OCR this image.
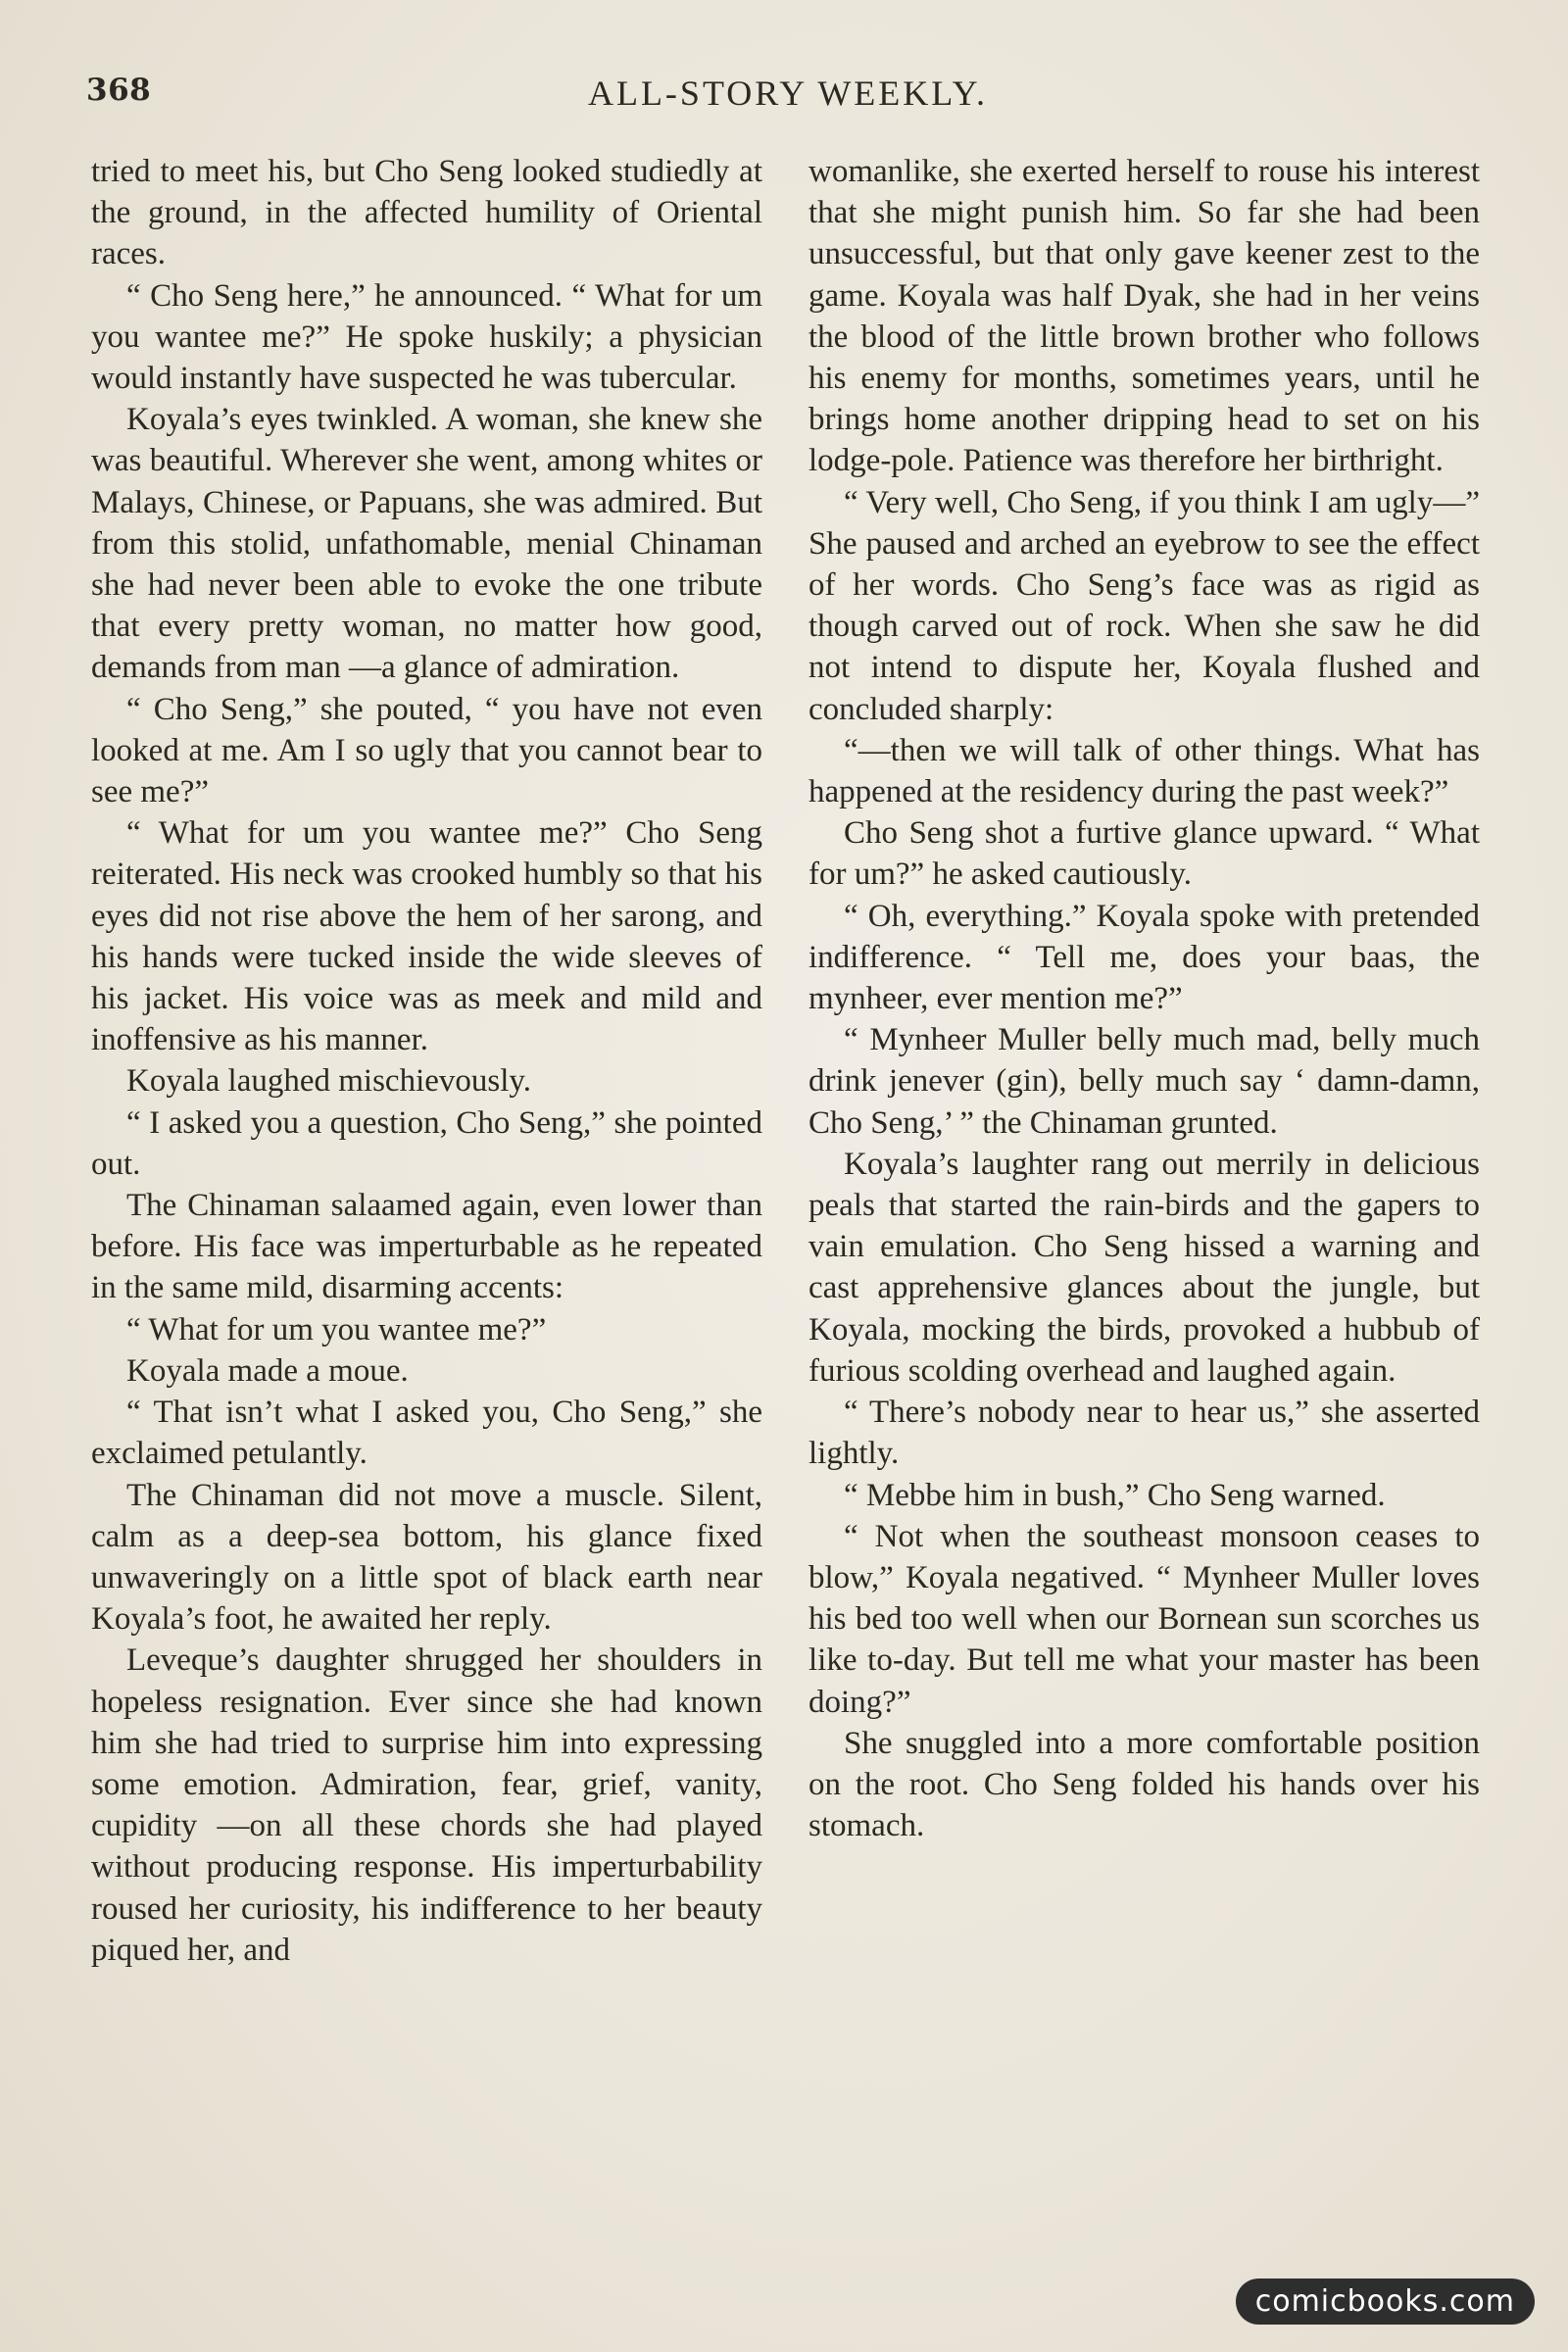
368	ALL-STORY WEEKLY.

tried to meet his, but Cho Seng looked studiedly at the ground, in the affected humility of Oriental races.

“ Cho Seng here,” he announced. “ What for um you wantee me?” He spoke huskily; a physician would instantly have suspected he was tubercular.

Koyala’s eyes twinkled. A woman, she knew she was beautiful. Wherever she went, among whites or Malays, Chinese, or Papuans, she was admired. But from this stolid, unfathomable, menial Chinaman she had never been able to evoke the one tribute that every pretty woman, no matter how good, demands from man —a glance of admiration.

“ Cho Seng,” she pouted, “ you have not even looked at me. Am I so ugly that you cannot bear to see me?”

“ What for um you wantee me?” Cho Seng reiterated. His neck was crooked humbly so that his eyes did not rise above the hem of her sarong, and his hands were tucked inside the wide sleeves of his jacket. His voice was as meek and mild and inoffensive as his manner.

Koyala laughed mischievously.

“ I asked you a question, Cho Seng,” she pointed out.

The Chinaman salaamed again, even lower than before. His face was imperturbable as he repeated in the same mild, disarming accents:

“ What for um you wantee me?”

Koyala made a moue.

“ That isn’t what I asked you, Cho Seng,” she exclaimed petulantly.

The Chinaman did not move a muscle. Silent, calm as a deep-sea bottom, his glance fixed unwaveringly on a little spot of black earth near Koyala’s foot, he awaited her reply.

Leveque’s daughter shrugged her shoulders in hopeless resignation. Ever since she had known him she had tried to surprise him into expressing some emotion. Admiration, fear, grief, vanity, cupidity —on all these chords she had played without producing response. His imperturbability roused her curiosity, his indifference to her beauty piqued her, and

womanlike, she exerted herself to rouse his interest that she might punish him. So far she had been unsuccessful, but that only gave keener zest to the game. Koyala was half Dyak, she had in her veins the blood of the little brown brother who follows his enemy for months, sometimes years, until he brings home another dripping head to set on his lodge-pole. Patience was therefore her birthright.

“ Very well, Cho Seng, if you think I am ugly—” She paused and arched an eyebrow to see the effect of her words. Cho Seng’s face was as rigid as though carved out of rock. When she saw he did not intend to dispute her, Koyala flushed and concluded sharply:

“—then we will talk of other things. What has happened at the residency during the past week?”

Cho Seng shot a furtive glance upward. “ What for um?” he asked cautiously.

“ Oh, everything.” Koyala spoke with pretended indifference. “ Tell me, does your baas, the mynheer, ever mention me?”

“ Mynheer Muller belly much mad, belly much drink jenever (gin), belly much say ‘ damn-damn, Cho Seng,’ ” the Chinaman grunted.

Koyala’s laughter rang out merrily in delicious peals that started the rain-birds and the gapers to vain emulation. Cho Seng hissed a warning and cast apprehensive glances about the jungle, but Koyala, mocking the birds, provoked a hubbub of furious scolding overhead and laughed again.

“ There’s nobody near to hear us,” she asserted lightly.

“ Mebbe him in bush,” Cho Seng warned.

“ Not when the southeast monsoon ceases to blow,” Koyala negatived. “ Mynheer Muller loves his bed too well when our Bornean sun scorches us like to-day. But tell me what your master has been doing?”

She snuggled into a more comfortable position on the root. Cho Seng folded his hands over his stomach.

comicbooks.com
